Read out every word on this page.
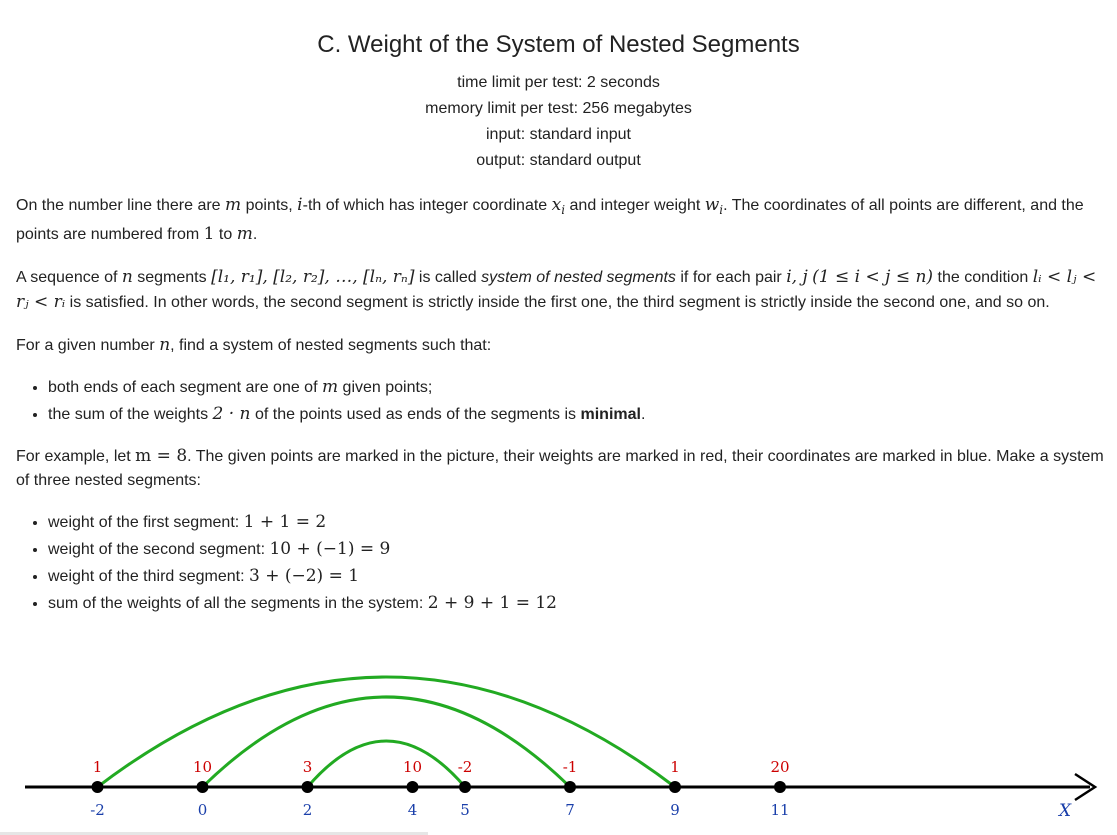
C. Weight of the System of Nested Segments
time limit per test: 2 seconds
memory limit per test: 256 megabytes
input: standard input
output: standard output

On the number line there are m points, i-th of which has integer coordinate $x_i$ and integer weight $w_i$. The coordinates of all points are different, and the points are numbered from 1 to m.

A sequence of n segments [l₁, r₁], [l₂, r₂], …, [lₙ, rₙ] is called system of nested segments if for each pair i, j (1 ≤ i < j ≤ n) the condition lᵢ < lⱼ < rⱼ < rᵢ is satisfied. In other words, the second segment is strictly inside the first one, the third segment is strictly inside the second one, and so on.

For a given number n, find a system of nested segments such that:

• both ends of each segment are one of m given points;
• the sum of the weights 2 · n of the points used as ends of the segments is minimal.

For example, let m = 8. The given points are marked in the picture, their weights are marked in red, their coordinates are marked in blue. Make a system of three nested segments:

• weight of the first segment: 1 + 1 = 2
• weight of the second segment: 10 + (−1) = 9
• weight of the third segment: 3 + (−2) = 1
• sum of the weights of all the segments in the system: 2 + 9 + 1 = 12
X
1
-2
10
0
3
2
10
4
-2
5
-1
7
1
9
20
11
